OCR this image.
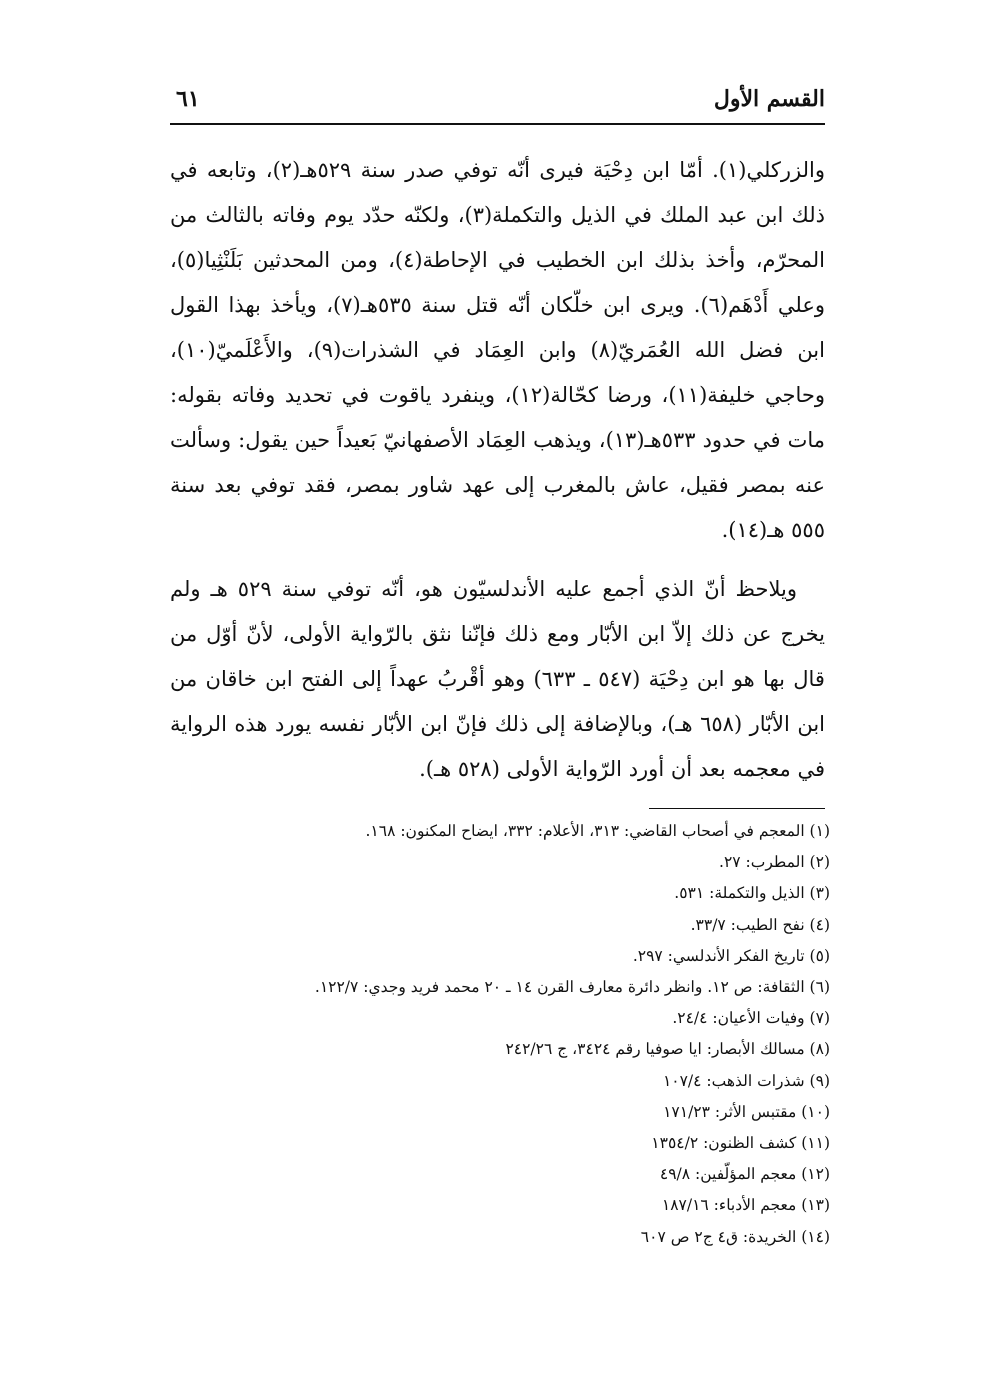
القسم الأول
٦١

والزركلي(١). أمّا ابن دِحْيَة فيرى أنّه توفي صدر سنة ٥٢٩هـ(٢)، وتابعه في ذلك ابن عبد الملك في الذيل والتكملة(٣)، ولكنّه حدّد يوم وفاته بالثالث من المحرّم، وأخذ بذلك ابن الخطيب في الإحاطة(٤)، ومن المحدثين بَلَنْثِيا(٥)، وعلي أَدْهَم(٦). ويرى ابن خلّكان أنّه قتل سنة ٥٣٥هـ(٧)، ويأخذ بهذا القول ابن فضل الله العُمَريّ(٨) وابن العِمَاد في الشذرات(٩)، والأَعْلَميّ(١٠)، وحاجي خليفة(١١)، ورضا كحّالة(١٢)، وينفرد ياقوت في تحديد وفاته بقوله: مات في حدود ٥٣٣هـ(١٣)، ويذهب العِمَاد الأصفهانيّ بَعيداً حين يقول: وسألت عنه بمصر فقيل، عاش بالمغرب إلى عهد شاور بمصر، فقد توفي بعد سنة ٥٥٥ هـ(١٤).

ويلاحظ أنّ الذي أجمع عليه الأندلسيّون هو، أنّه توفي سنة ٥٢٩ هـ ولم يخرج عن ذلك إلاّ ابن الأبّار ومع ذلك فإنّنا نثق بالرّواية الأولى، لأنّ أوّل من قال بها هو ابن دِحْيَة (٥٤٧ ـ ٦٣٣) وهو أقْربُ عهداً إلى الفتح ابن خاقان من ابن الأبّار (٦٥٨ هـ)، وبالإضافة إلى ذلك فإنّ ابن الأبّار نفسه يورد هذه الرواية في معجمه بعد أن أورد الرّواية الأولى (٥٢٨ هـ).

(١) المعجم في أصحاب القاضي: ٣١٣، الأعلام: ٣٣٢، ايضاح المكنون: ١٦٨.
(٢) المطرب: ٢٧.
(٣) الذيل والتكملة: ٥٣١.
(٤) نفح الطيب: ٣٣/٧.
(٥) تاريخ الفكر الأندلسي: ٢٩٧.
(٦) الثقافة: ص ١٢. وانظر دائرة معارف القرن ١٤ ـ ٢٠ محمد فريد وجدي: ١٢٢/٧.
(٧) وفيات الأعيان: ٢٤/٤.
(٨) مسالك الأبصار: ايا صوفيا رقم ٣٤٢٤، ج ٢٤٢/٢٦
(٩) شذرات الذهب: ١٠٧/٤
(١٠) مقتبس الأثر: ١٧١/٢٣
(١١) كشف الظنون: ١٣٥٤/٢
(١٢) معجم المؤلّفين: ٤٩/٨
(١٣) معجم الأدباء: ١٨٧/١٦
(١٤) الخريدة: ق٤ ج٢ ص ٦٠٧
